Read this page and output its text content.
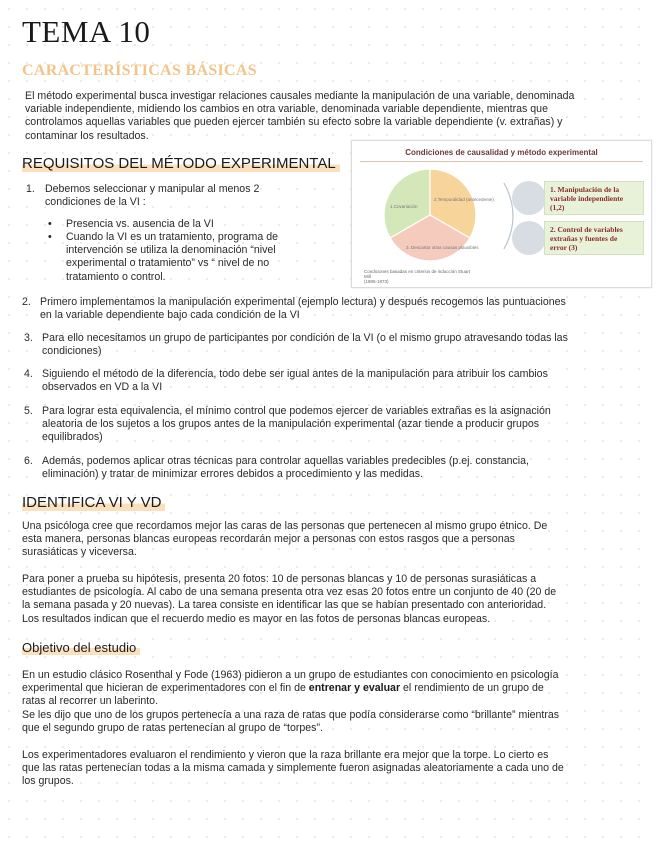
TEMA 10
CARACTERÍSTICAS BÁSICAS
El método experimental busca investigar relaciones causales mediante la manipulación de una variable, denominada
variable independiente, midiendo los cambios en otra variable, denominada variable dependiente, mientras que
controlamos aquellas variables que pueden ejercer también su efecto sobre la variable dependiente (v. extrañas) y
contaminar los resultados.
REQUISITOS DEL MÉTODO EXPERIMENTAL
1. Debemos seleccionar y manipular al menos 2
condiciones de la VI :
• Presencia vs. ausencia de la VI
• Cuando la VI es un tratamiento, programa de
intervención se utiliza la denominación “nivel
experimental o tratamiento” vs “ nivel de no
tratamiento o control.
Condiciones de causalidad y método experimental
1.Covariación
2.Temporalidad (antecedente)
3. Descartar otras causas plausibles
1. Manipulación de la
variable independiente
(1,2)
2. Control de variables
extrañas y fuentes de
error (3)
Condiciones basadas en criterios de inducción Stuart Mill
(1806-1873)
2. Primero implementamos la manipulación experimental (ejemplo lectura) y después recogemos las puntuaciones
en la variable dependiente bajo cada condición de la VI
3. Para ello necesitamos un grupo de participantes por condición de la VI (o el mismo grupo atravesando todas las
condiciones)
4. Siguiendo el método de la diferencia, todo debe ser igual antes de la manipulación para atribuir los cambios
observados en VD a la VI
5. Para lograr esta equivalencia, el mínimo control que podemos ejercer de variables extrañas es la asignación
aleatoria de los sujetos a los grupos antes de la manipulación experimental (azar tiende a producir grupos
equilibrados)
6. Además, podemos aplicar otras técnicas para controlar aquellas variables predecibles (p.ej. constancia,
eliminación) y tratar de minimizar errores debidos a procedimiento y las medidas.
IDENTIFICA VI Y VD
Una psicóloga cree que recordamos mejor las caras de las personas que pertenecen al mismo grupo étnico. De
esta manera, personas blancas europeas recordarán mejor a personas con estos rasgos que a personas
surasiáticas y viceversa.
Para poner a prueba su hipótesis, presenta 20 fotos: 10 de personas blancas y 10 de personas surasiáticas a
estudiantes de psicología. Al cabo de una semana presenta otra vez esas 20 fotos entre un conjunto de 40 (20 de
la semana pasada y 20 nuevas). La tarea consiste en identificar las que se habían presentado con anterioridad.
Los resultados indican que el recuerdo medio es mayor en las fotos de personas blancas europeas.
Objetivo del estudio
En un estudio clásico Rosenthal y Fode (1963) pidieron a un grupo de estudiantes con conocimiento en psicología
experimental que hicieran de experimentadores con el fin de entrenar y evaluar el rendimiento de un grupo de
ratas al recorrer un laberinto.
Se les dijo que uno de los grupos pertenecía a una raza de ratas que podía considerarse como “brillante” mientras
que el segundo grupo de ratas pertenecían al grupo de “torpes”.
Los experimentadores evaluaron el rendimiento y vieron que la raza brillante era mejor que la torpe. Lo cierto es
que las ratas pertenecían todas a la misma camada y simplemente fueron asignadas aleatoriamente a cada uno de
los grupos.
